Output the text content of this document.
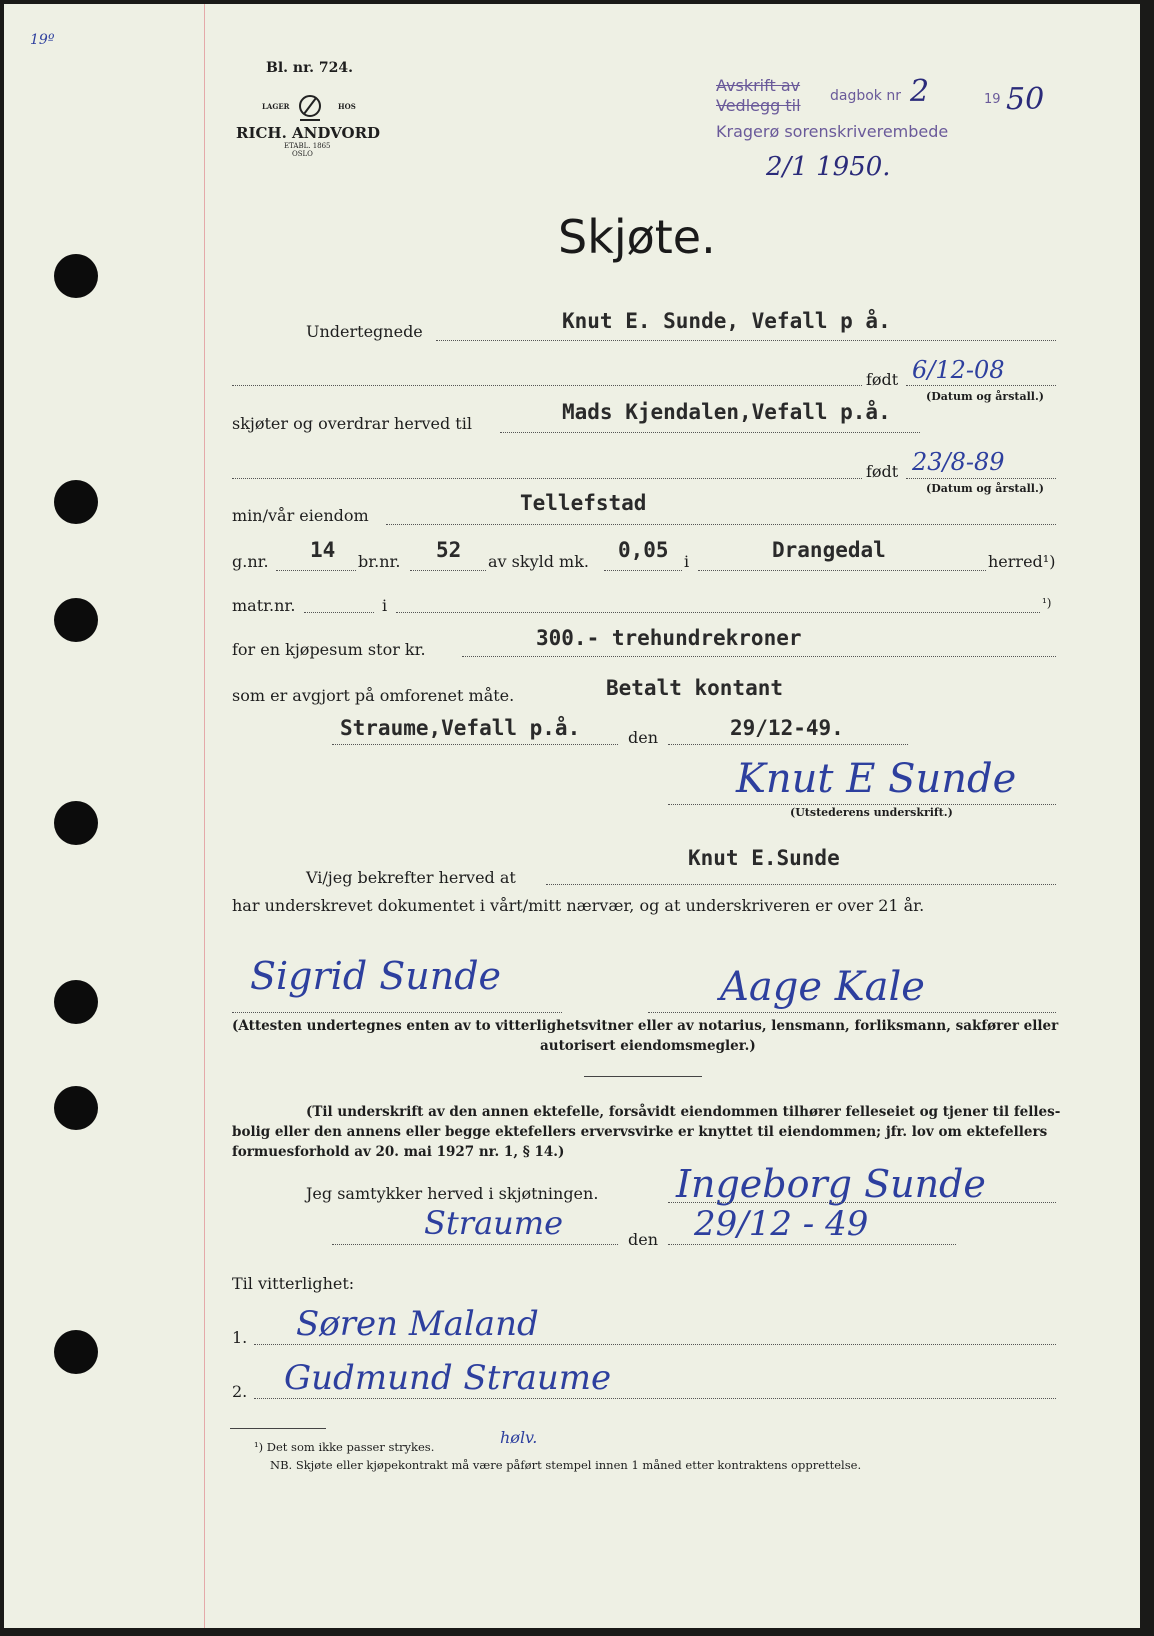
19º
Bl. nr. 724.
LAGER	HOS
RICH. ANDVORD
ETABL. 1865
OSLO
Avskrift av
dagbok nr 2	19 50
Vedlegg til
Kragerø sorenskriverembede
2/1 1950.
Skjøte.
Undertegnede	Knut E. Sunde, Vefall p å.
født 6/12-08
(Datum og årstall.)
skjøter og overdrar herved til	Mads Kjendalen,Vefall p.å.
født 23/8-89
(Datum og årstall.)
min/vår eiendom
Tellefstad
g.nr. 14 br.nr. 52 av skyld mk. 0,05 i	Drangedal	herred¹)
matr.nr.	i	¹)
for en kjøpesum stor kr.	300.- trehundrekroner
som er avgjort på omforenet måte.	Betalt kontant
Straume,Vefall p.å.	den	29/12-49.
Knut E Sunde
(Utstederens underskrift.)
Knut E.Sunde
Vi/jeg bekrefter herved at
har underskrevet dokumentet i vårt/mitt nærvær, og at underskriveren er over 21 år.
Sigrid Sunde	Aage Kale
(Attesten undertegnes enten av to vitterlighetsvitner eller av notarius, lensmann, forliksmann, sakfører eller
autorisert eiendomsmegler.)
(Til underskrift av den annen ektefelle, forsåvidt eiendommen tilhører felleseiet og tjener til felles-
bolig eller den annens eller begge ektefellers ervervsvirke er knyttet til eiendommen; jfr. lov om ektefellers
formuesforhold av 20. mai 1927 nr. 1, § 14.)
Jeg samtykker herved i skjøtningen. Ingeborg Sunde
Straume	den 29/12 - 49
Til vitterlighet:
1. Søren Maland
2. Gudmund Straume
¹) Det som ikke passer strykes.	hølv.
NB. Skjøte eller kjøpekontrakt må være påført stempel innen 1 måned etter kontraktens opprettelse.
